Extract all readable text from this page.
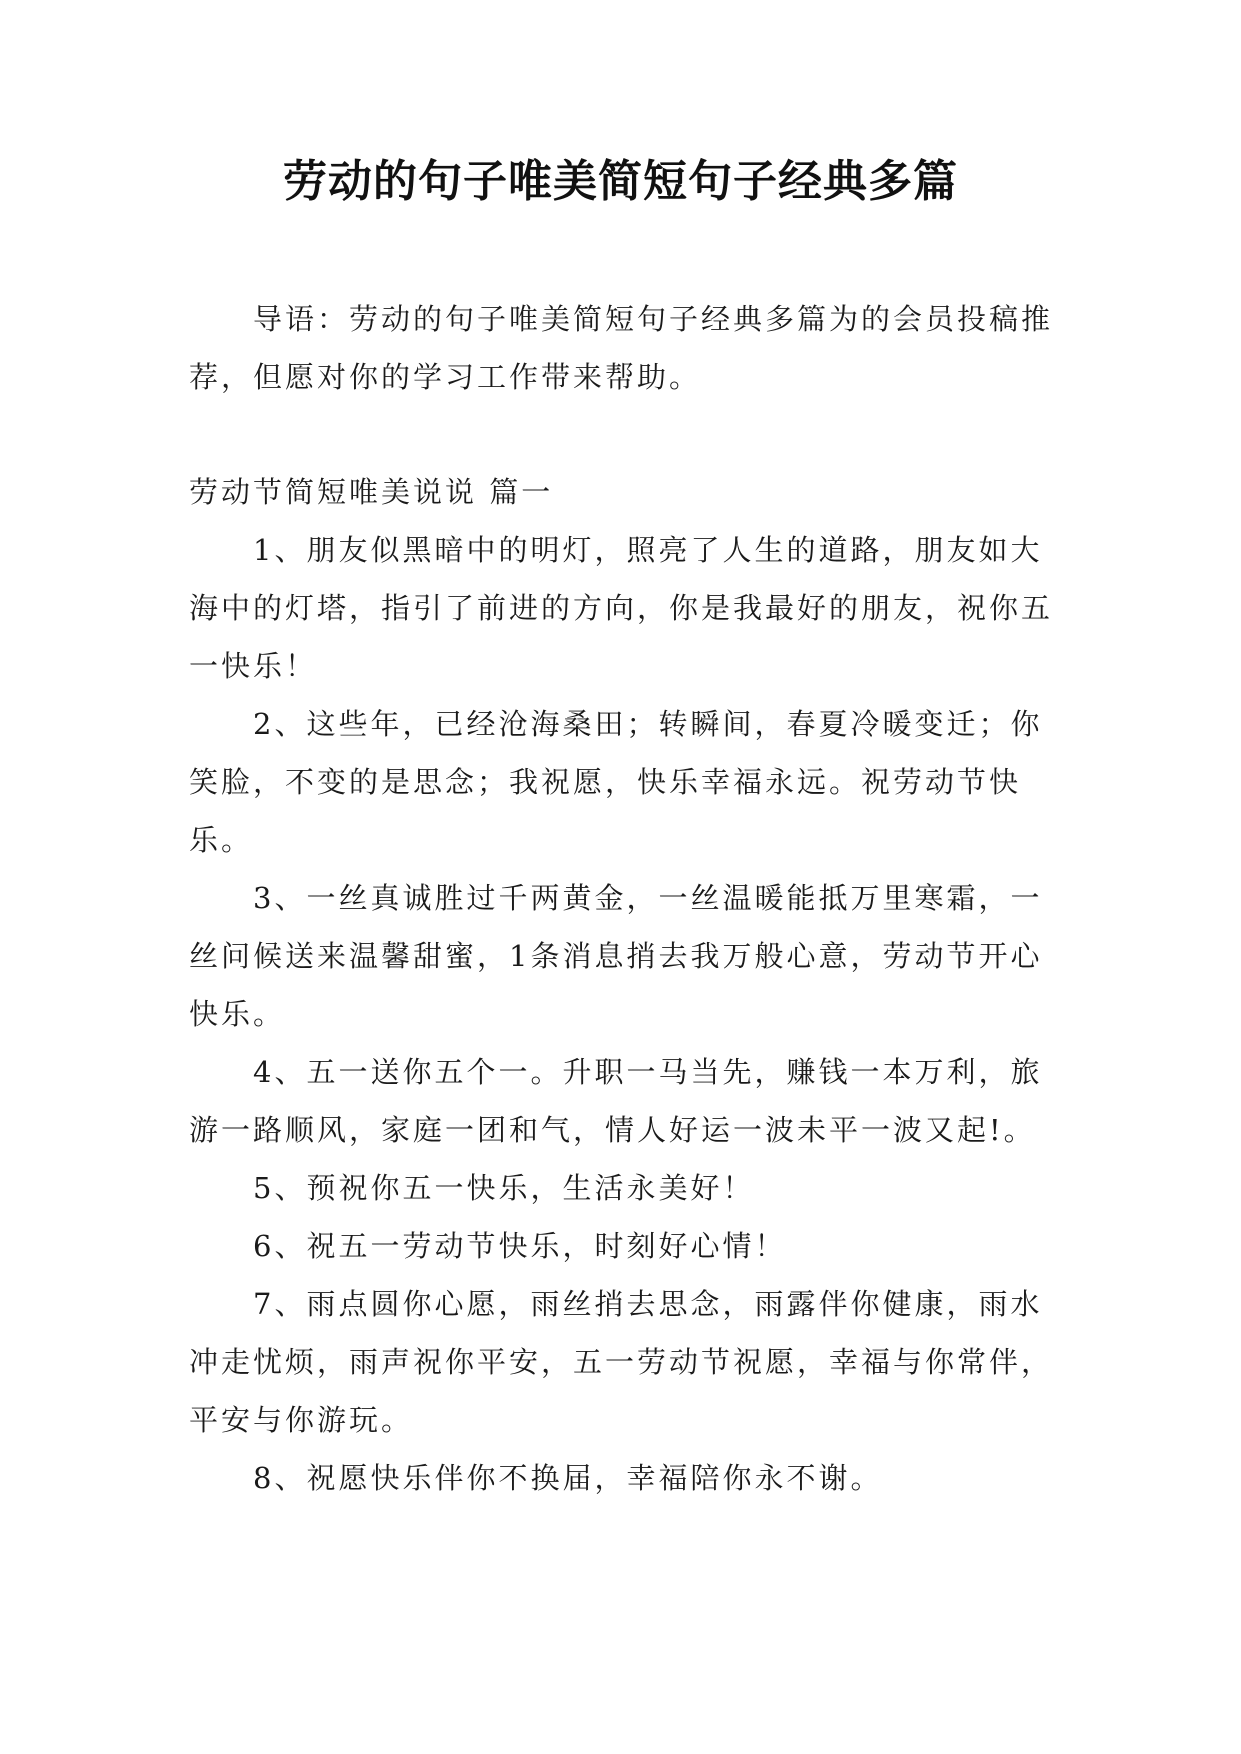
劳动的句子唯美简短句子经典多篇

导语：劳动的句子唯美简短句子经典多篇为的会员投稿推荐，但愿对你的学习工作带来帮助。

劳动节简短唯美说说 篇一

1、朋友似黑暗中的明灯，照亮了人生的道路，朋友如大海中的灯塔，指引了前进的方向，你是我最好的朋友，祝你五一快乐！

2、这些年，已经沧海桑田；转瞬间，春夏冷暖变迁；你笑脸，不变的是思念；我祝愿，快乐幸福永远。祝劳动节快乐。

3、一丝真诚胜过千两黄金，一丝温暖能抵万里寒霜，一丝问候送来温馨甜蜜，1条消息捎去我万般心意，劳动节开心快乐。

4、五一送你五个一。升职一马当先，赚钱一本万利，旅游一路顺风，家庭一团和气，情人好运一波未平一波又起!。

5、预祝你五一快乐，生活永美好！

6、祝五一劳动节快乐，时刻好心情！

7、雨点圆你心愿，雨丝捎去思念，雨露伴你健康，雨水冲走忧烦，雨声祝你平安，五一劳动节祝愿，幸福与你常伴，平安与你游玩。

8、祝愿快乐伴你不换届，幸福陪你永不谢。
